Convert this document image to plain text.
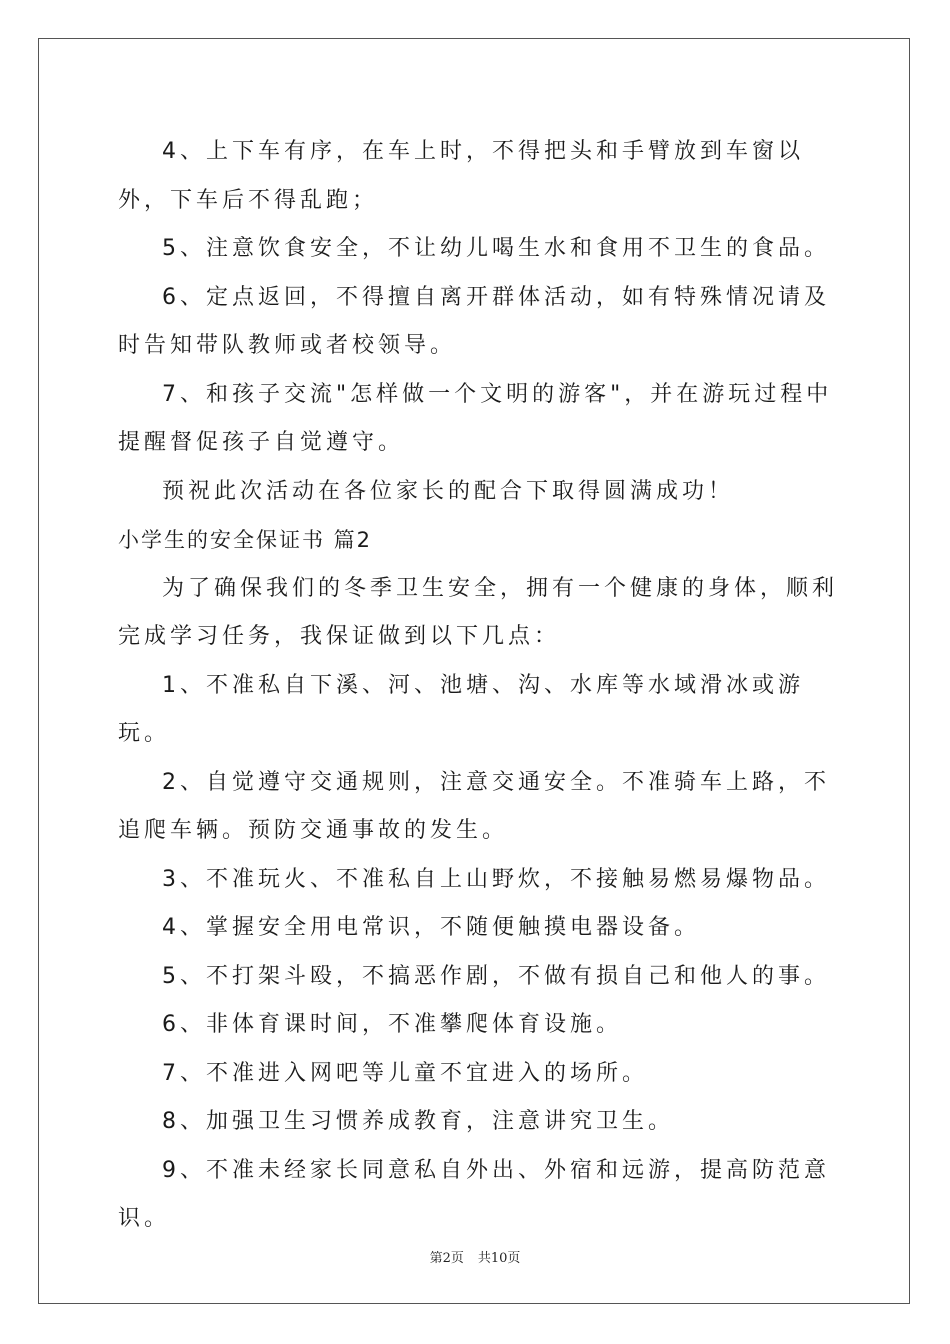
4、上下车有序，在车上时，不得把头和手臂放到车窗以外，下车后不得乱跑；

5、注意饮食安全，不让幼儿喝生水和食用不卫生的食品。

6、定点返回，不得擅自离开群体活动，如有特殊情况请及时告知带队教师或者校领导。

7、和孩子交流"怎样做一个文明的游客"，并在游玩过程中提醒督促孩子自觉遵守。

预祝此次活动在各位家长的配合下取得圆满成功！

小学生的安全保证书 篇2

为了确保我们的冬季卫生安全，拥有一个健康的身体，顺利完成学习任务，我保证做到以下几点：

1、不准私自下溪、河、池塘、沟、水库等水域滑冰或游玩。

2、自觉遵守交通规则，注意交通安全。不准骑车上路，不追爬车辆。预防交通事故的发生。

3、不准玩火、不准私自上山野炊，不接触易燃易爆物品。

4、掌握安全用电常识，不随便触摸电器设备。

5、不打架斗殴，不搞恶作剧，不做有损自己和他人的事。

6、非体育课时间，不准攀爬体育设施。

7、不准进入网吧等儿童不宜进入的场所。

8、加强卫生习惯养成教育，注意讲究卫生。

9、不准未经家长同意私自外出、外宿和远游，提高防范意识。

第2页 共10页
